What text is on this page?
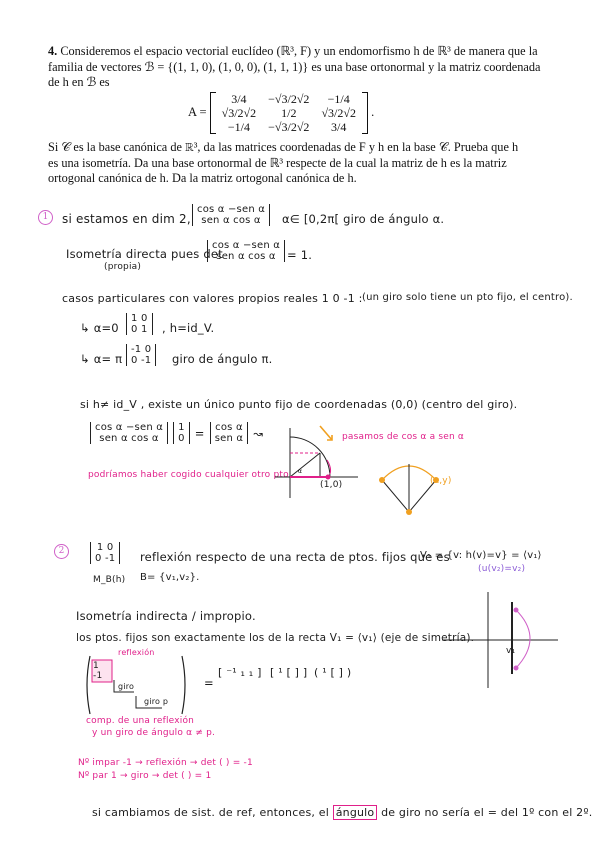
4. Consideremos el espacio vectorial euclídeo (ℝ³, F) y un endomorfismo h de ℝ³ de manera que la
familia de vectores ℬ = {(1, 1, 0), (1, 0, 0), (1, 1, 1)} es una base ortonormal y la matriz coordenada
de h en ℬ es
A =
3/4	−√3/2√2	−1/4
√3/2√2	1/2	√3/2√2
−1/4	−√3/2√2	3/4
.
Si 𝒞 es la base canónica de ℝ³, da las matrices coordenadas de F y h en la base 𝒞. Prueba que h
es una isometría. Da una base ortonormal de ℝ³ respecte de la cual la matriz de h es la matriz
ortogonal canónica de h. Da la matriz ortogonal canónica de h.
1	si estamos en dim 2,
cos α −sen α
sen α cos α	α∈ [0,2π[ giro de ángulo α.
Isometría directa pues det
(propia)
cos α −sen α
sen α cos α = 1.
casos particulares con valores propios reales 1 0 -1 : (un giro solo tiene un pto fijo, el centro).
↳ α=0
1 0
0 1 , h=id_V.
↳ α= π
-1 0
0 -1 giro de ángulo π.
si h≠ id_V , existe un único punto fijo de coordenadas (0,0) (centro del giro).
cos α −sen α
sen α cos α

1
0 = cos α
sen α ↝
podríamos haber cogido cualquier otro pto. α
(1,0)
pasamos de cos α a sen α
(x,y)
2	1 0
0 -1
M_B(h)
reflexión respecto de una recta de ptos. fijos que es
V₁ = {v: h(v)=v} = ⟨v₁⟩
(u(v₂)=v₂)
B= {v₁,v₂}.
Isometría indirecta / impropio.
los ptos. fijos son exactamente los de la recta V₁ = ⟨v₁⟩ (eje de simetría).
v₁
1
-1
reflexión
giro
giro p
=
[ ⁻¹ ₁ ₁ ] [ ¹ [ ] ] ( ¹ [ ] )
comp. de una reflexión
y un giro de ángulo α ≠ p.
Nº impar -1 → reflexión → det ( ) = -1
Nº par 1 → giro → det ( ) = 1
si cambiamos de sist. de ref, entonces, el ángulo de giro no sería el = del 1º con el 2º.
